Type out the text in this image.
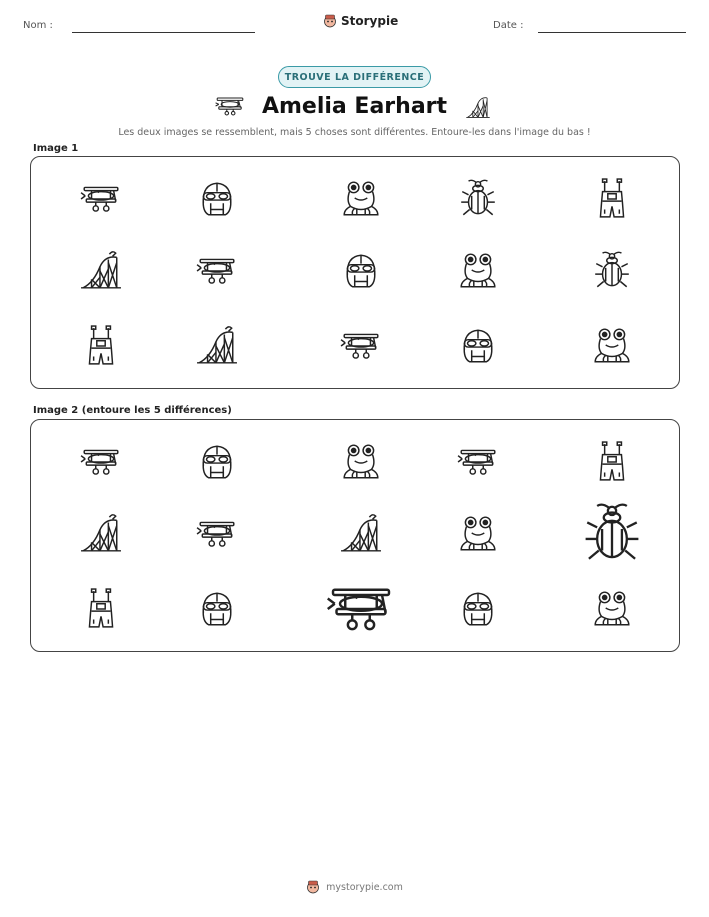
Nom :	Storypie	Date :
TROUVE LA DIFFÉRENCE
Amelia Earhart
Les deux images se ressemblent, mais 5 choses sont différentes. Entoure-les dans l'image du bas !
Image 1
Image 2 (entoure les 5 différences)
mystorypie.com
